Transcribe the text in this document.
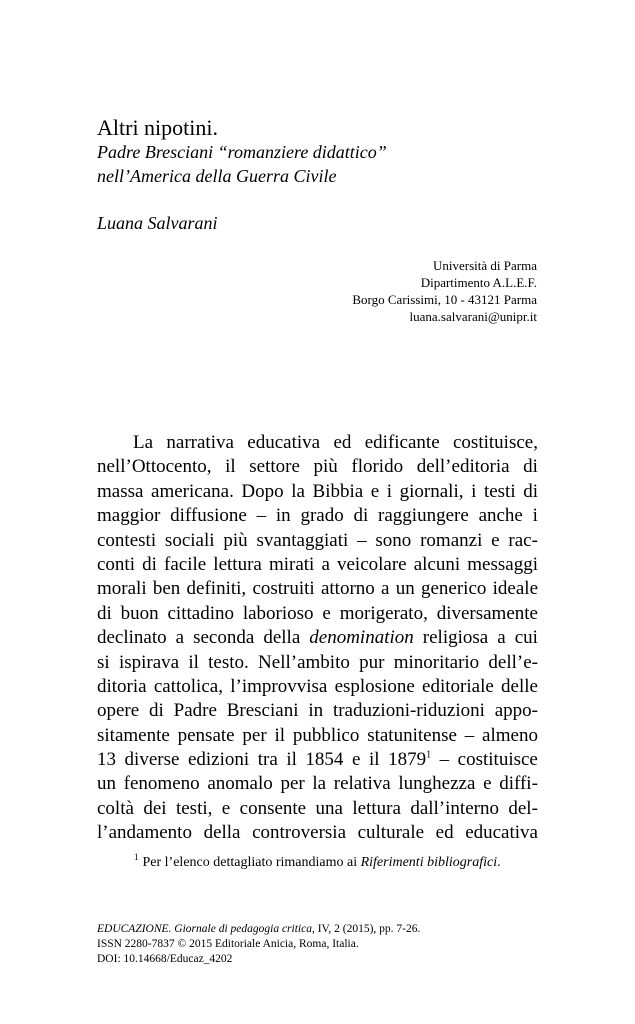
Altri nipotini.
Padre Bresciani “romanziere didattico”
nell’America della Guerra Civile
Luana Salvarani
Università di Parma
Dipartimento A.L.E.F.
Borgo Carissimi, 10 - 43121 Parma
luana.salvarani@unipr.it
La narrativa educativa ed edificante costituisce,
nell’Ottocento, il settore più florido dell’editoria di
massa americana. Dopo la Bibbia e i giornali, i testi di
maggior diffusione – in grado di raggiungere anche i
contesti sociali più svantaggiati – sono romanzi e rac-
conti di facile lettura mirati a veicolare alcuni messaggi
morali ben definiti, costruiti attorno a un generico ideale
di buon cittadino laborioso e morigerato, diversamente
declinato a seconda della denomination religiosa a cui
si ispirava il testo. Nell’ambito pur minoritario dell’e-
ditoria cattolica, l’improvvisa esplosione editoriale delle
opere di Padre Bresciani in traduzioni-riduzioni appo-
sitamente pensate per il pubblico statunitense – almeno
13 diverse edizioni tra il 1854 e il 1879$^1$ – costituisce
un fenomeno anomalo per la relativa lunghezza e diffi-
coltà dei testi, e consente una lettura dall’interno del-
l’andamento della controversia culturale ed educativa
$^1$ Per l’elenco dettagliato rimandiamo ai Riferimenti bibliografici.
EDUCAZIONE. Giornale di pedagogia critica, IV, 2 (2015), pp. 7-26.
ISSN 2280-7837 © 2015 Editoriale Anicia, Roma, Italia.
DOI: 10.14668/Educaz_4202
